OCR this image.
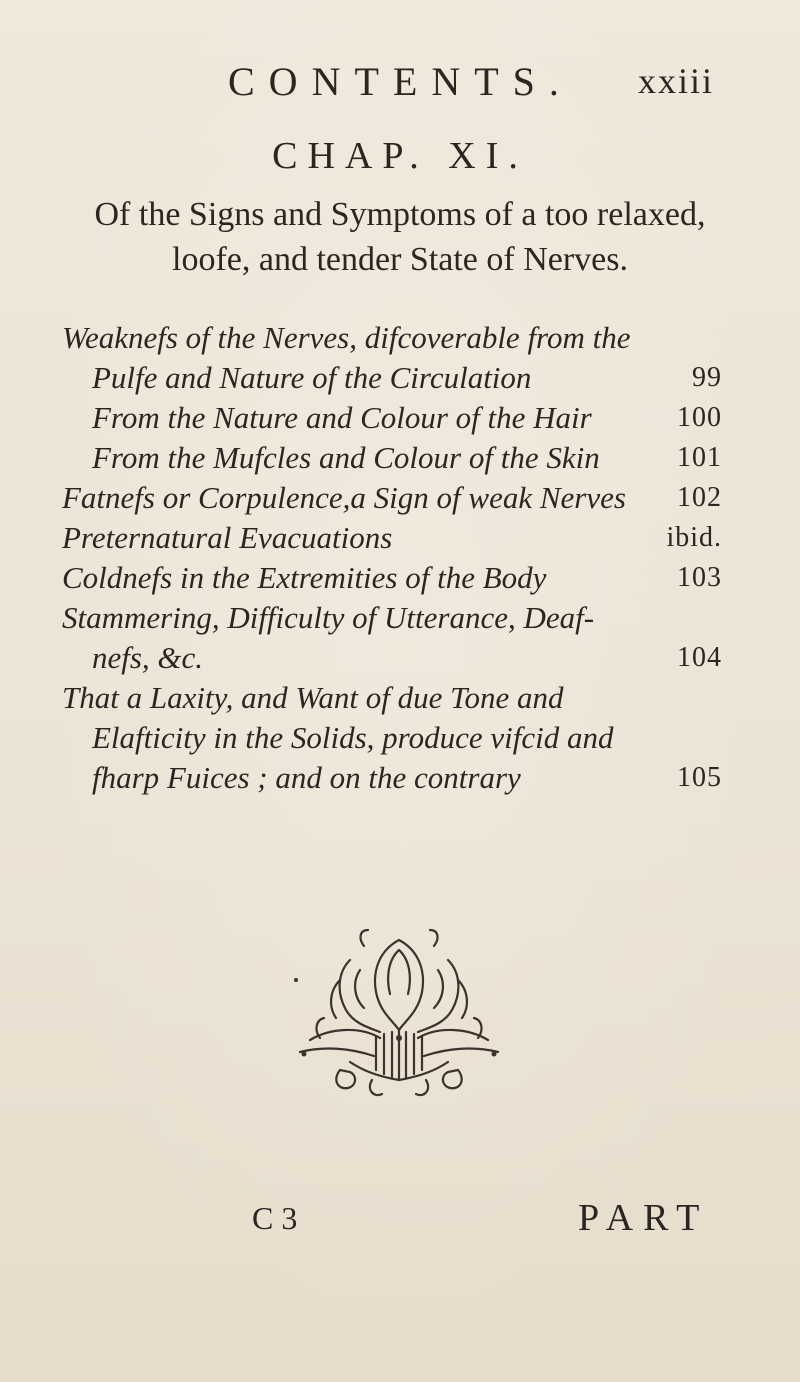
CONTENTS. xxiii
CHAP. XI.
Of the Signs and Symptoms of a too relaxed,
loofe, and tender State of Nerves.
Weaknefs of the Nerves, difcoverable from the
Pulfe and Nature of the Circulation	99
From the Nature and Colour of the Hair	100
From the Mufcles and Colour of the Skin	101
Fatnefs or Corpulence,a Sign of weak Nerves 102
Preternatural Evacuations	ibid.
Coldnefs in the Extremities of the Body	103
Stammering, Difficulty of Utterance, Deaf-
nefs, &c.	104
That a Laxity, and Want of due Tone and
Elafticity in the Solids, produce vifcid and
fharp Fuices ; and on the contrary	105
C 3	PART
